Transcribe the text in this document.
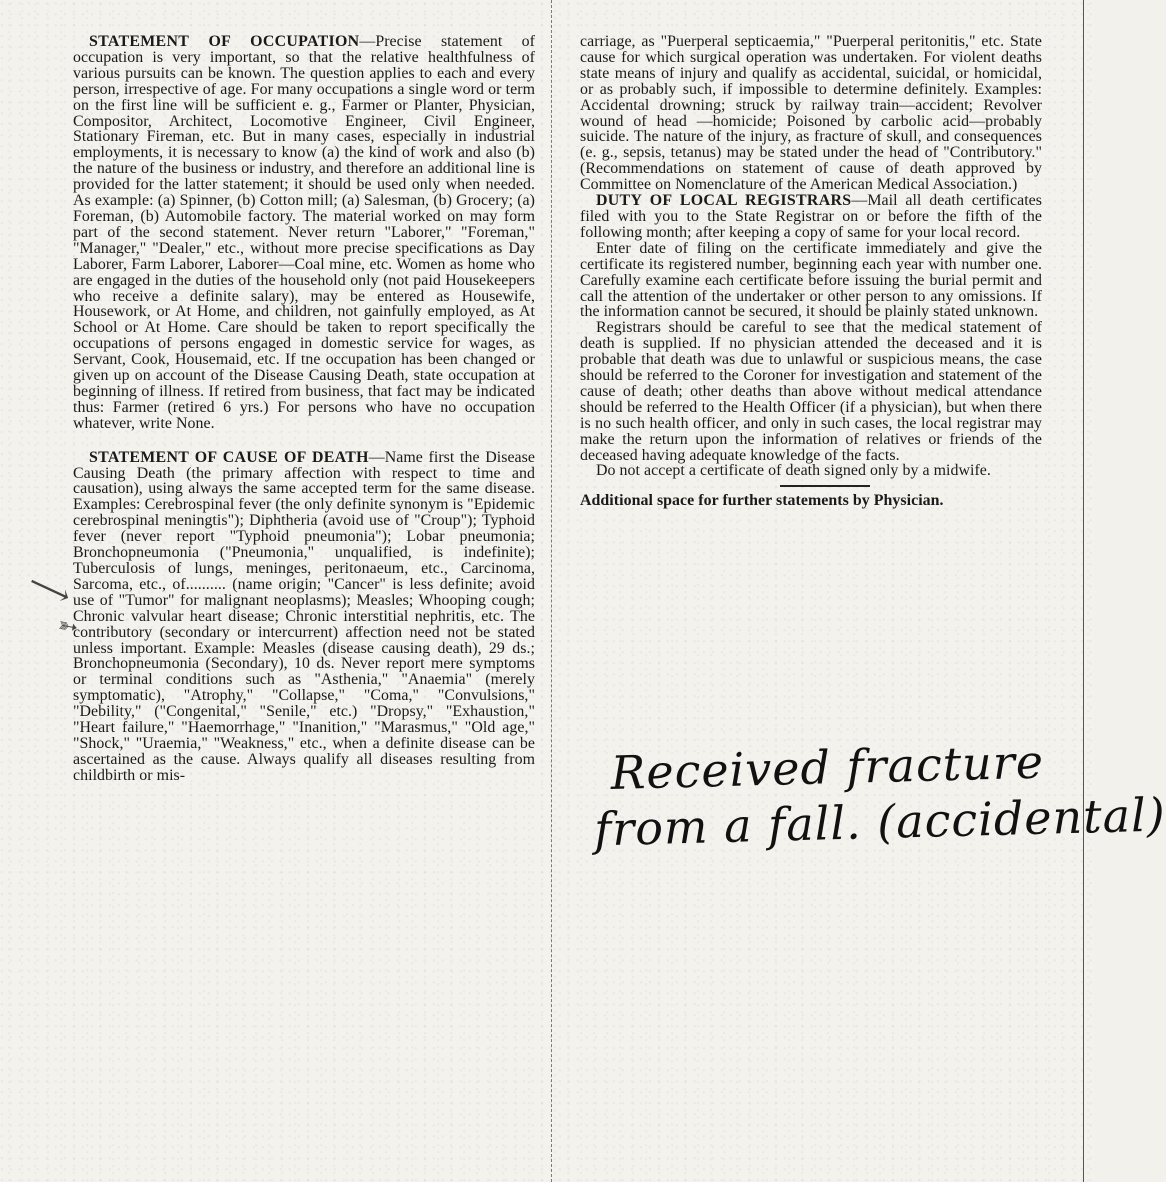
⟶
➳

STATEMENT OF OCCUPATION—Precise statement of occupation is very important, so that the relative healthfulness of various pursuits can be known. The question applies to each and every person, irrespective of age. For many occupations a single word or term on the first line will be sufficient e. g., Farmer or Planter, Physician, Compositor, Architect, Locomotive Engineer, Civil Engineer, Stationary Fireman, etc. But in many cases, especially in industrial employments, it is necessary to know (a) the kind of work and also (b) the nature of the business or industry, and therefore an additional line is provided for the latter statement; it should be used only when needed. As example: (a) Spinner, (b) Cotton mill; (a) Salesman, (b) Grocery; (a) Foreman, (b) Automobile factory. The material worked on may form part of the second statement. Never return "Laborer," "Foreman," "Manager," "Dealer," etc., without more precise specifications as Day Laborer, Farm Laborer, Laborer—Coal mine, etc. Women as home who are engaged in the duties of the household only (not paid Housekeepers who receive a definite salary), may be entered as Housewife, Housework, or At Home, and children, not gainfully employed, as At School or At Home. Care should be taken to report specifically the occupations of persons engaged in domestic service for wages, as Servant, Cook, Housemaid, etc. If tne occupation has been changed or given up on account of the Disease Causing Death, state occupation at beginning of illness. If retired from business, that fact may be indicated thus: Farmer (retired 6 yrs.) For persons who have no occupation whatever, write None.

STATEMENT OF CAUSE OF DEATH—Name first the Disease Causing Death (the primary affection with respect to time and causation), using always the same accepted term for the same disease. Examples: Cerebrospinal fever (the only definite synonym is "Epidemic cerebrospinal meningtis"); Diphtheria (avoid use of "Croup"); Typhoid fever (never report "Typhoid pneumonia"); Lobar pneumonia; Bronchopneumonia ("Pneumonia," unqualified, is indefinite); Tuberculosis of lungs, meninges, peritonaeum, etc., Carcinoma, Sarcoma, etc., of.......... (name origin; "Cancer" is less definite; avoid use of "Tumor" for malignant neoplasms); Measles; Whooping cough; Chronic valvular heart disease; Chronic interstitial nephritis, etc. The contributory (secondary or intercurrent) affection need not be stated unless important. Example: Measles (disease causing death), 29 ds.; Bronchopneumonia (Secondary), 10 ds. Never report mere symptoms or terminal conditions such as "Asthenia," "Anaemia" (merely symptomatic), "Atrophy," "Collapse," "Coma," "Convulsions," "Debility," ("Congenital," "Senile," etc.) "Dropsy," "Exhaustion," "Heart failure," "Haemorrhage," "Inanition," "Marasmus," "Old age," "Shock," "Uraemia," "Weakness," etc., when a definite disease can be ascertained as the cause. Always qualify all diseases resulting from childbirth or mis-

carriage, as "Puerperal septicaemia," "Puerperal peritonitis," etc. State cause for which surgical operation was undertaken. For violent deaths state means of injury and qualify as accidental, suicidal, or homicidal, or as probably such, if impossible to determine definitely. Examples: Accidental drowning; struck by railway train—accident; Revolver wound of head —homicide; Poisoned by carbolic acid—probably suicide. The nature of the injury, as fracture of skull, and consequences (e. g., sepsis, tetanus) may be stated under the head of "Contributory." (Recommendations on statement of cause of death approved by Committee on Nomenclature of the American Medical Association.)

DUTY OF LOCAL REGISTRARS—Mail all death certificates filed with you to the State Registrar on or before the fifth of the following month; after keeping a copy of same for your local record.

Enter date of filing on the certificate immediately and give the certificate its registered number, beginning each year with number one. Carefully examine each certificate before issuing the burial permit and call the attention of the undertaker or other person to any omissions. If the information cannot be secured, it should be plainly stated unknown.

Registrars should be careful to see that the medical statement of death is supplied. If no physician attended the deceased and it is probable that death was due to unlawful or suspicious means, the case should be referred to the Coroner for investigation and statement of the cause of death; other deaths than above without medical attendance should be referred to the Health Officer (if a physician), but when there is no such health officer, and only in such cases, the local registrar may make the return upon the information of relatives or friends of the deceased having adequate knowledge of the facts.

Do not accept a certificate of death signed only by a midwife.

Additional space for further statements by Physician.

Received fracture
from a fall. (accidental)
